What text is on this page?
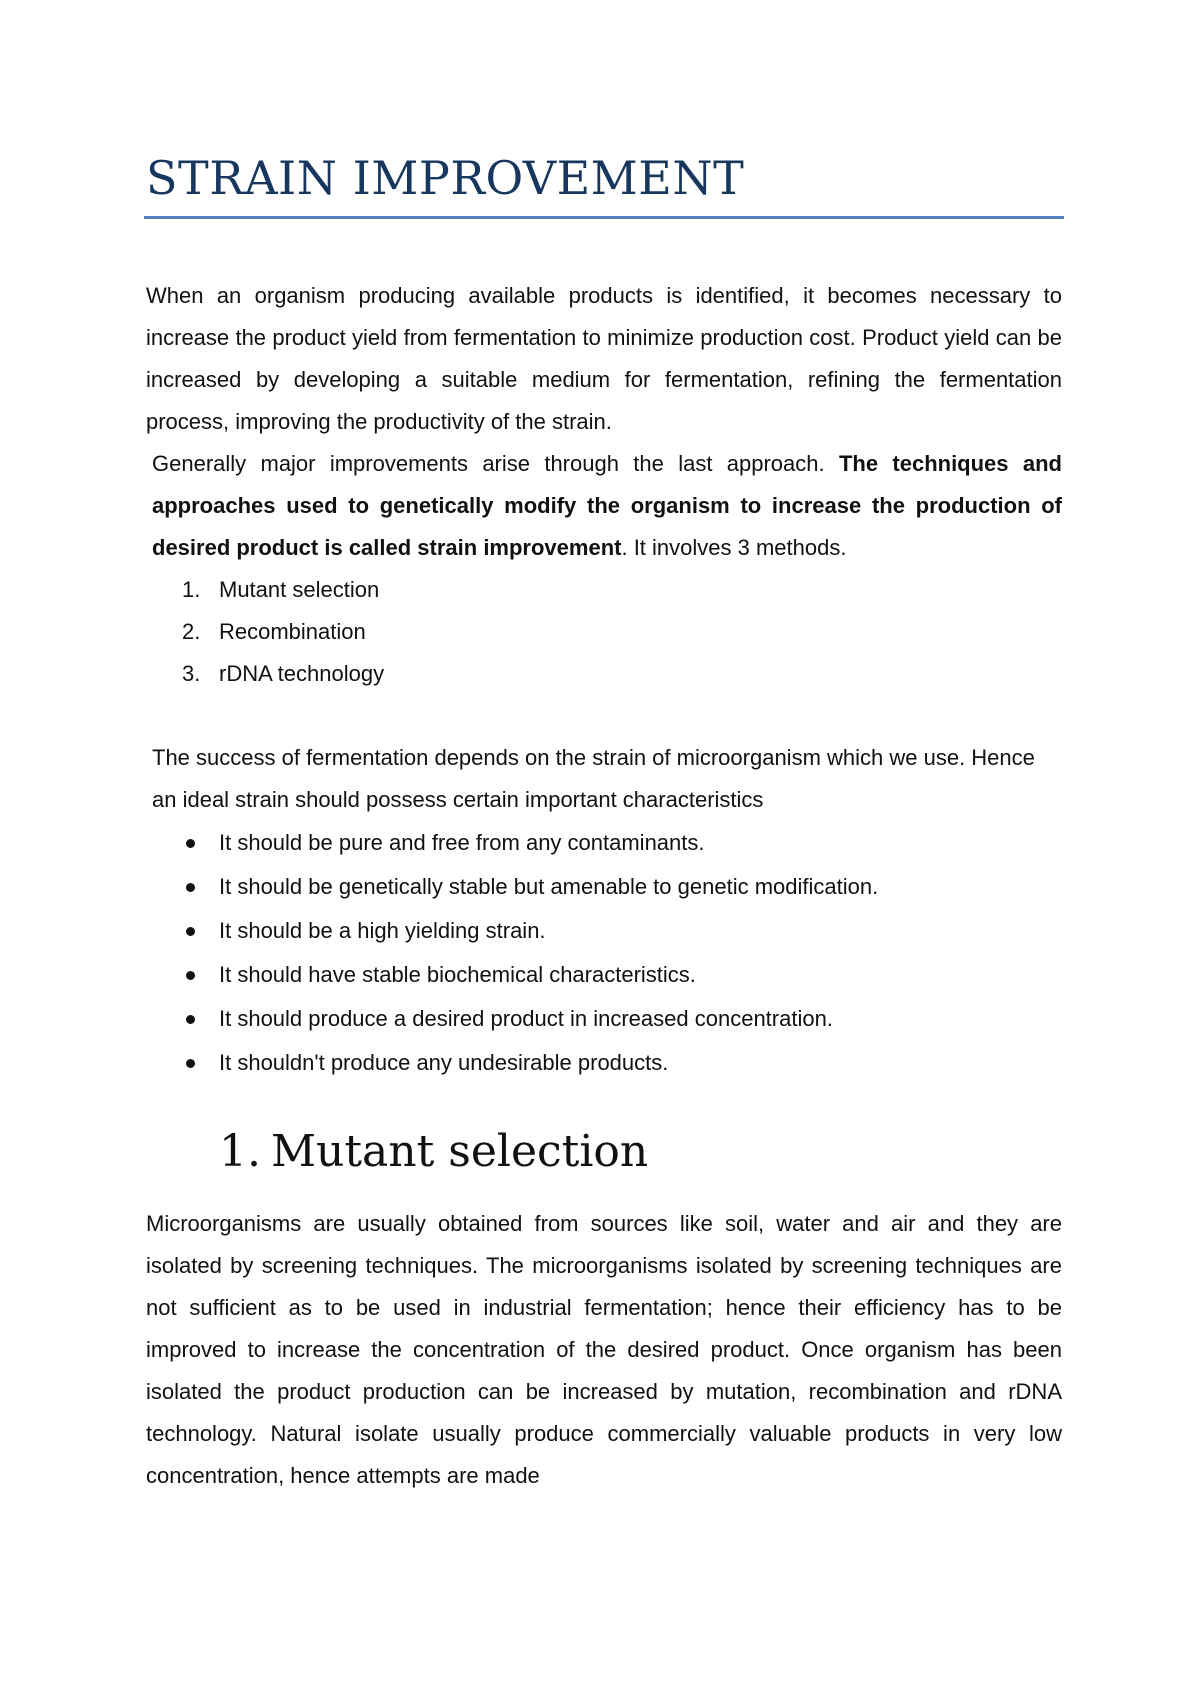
STRAIN IMPROVEMENT

When an organism producing available products is identified, it becomes necessary to increase the product yield from fermentation to minimize production cost. Product yield can be increased by developing a suitable medium for fermentation, refining the fermentation process, improving the productivity of the strain.

Generally major improvements arise through the last approach. The techniques and approaches used to genetically modify the organism to increase the production of desired product is called strain improvement. It involves 3 methods.

1. Mutant selection
2. Recombination
3. rDNA technology

The success of fermentation depends on the strain of microorganism which we use. Hence an ideal strain should possess certain important characteristics

It should be pure and free from any contaminants.
It should be genetically stable but amenable to genetic modification.
It should be a high yielding strain.
It should have stable biochemical characteristics.
It should produce a desired product in increased concentration.
It shouldn't produce any undesirable products.
1. Mutant selection

Microorganisms are usually obtained from sources like soil, water and air and they are isolated by screening techniques. The microorganisms isolated by screening techniques are not sufficient as to be used in industrial fermentation; hence their efficiency has to be improved to increase the concentration of the desired product. Once organism has been isolated the product production can be increased by mutation, recombination and rDNA technology. Natural isolate usually produce commercially valuable products in very low concentration, hence attempts are made
